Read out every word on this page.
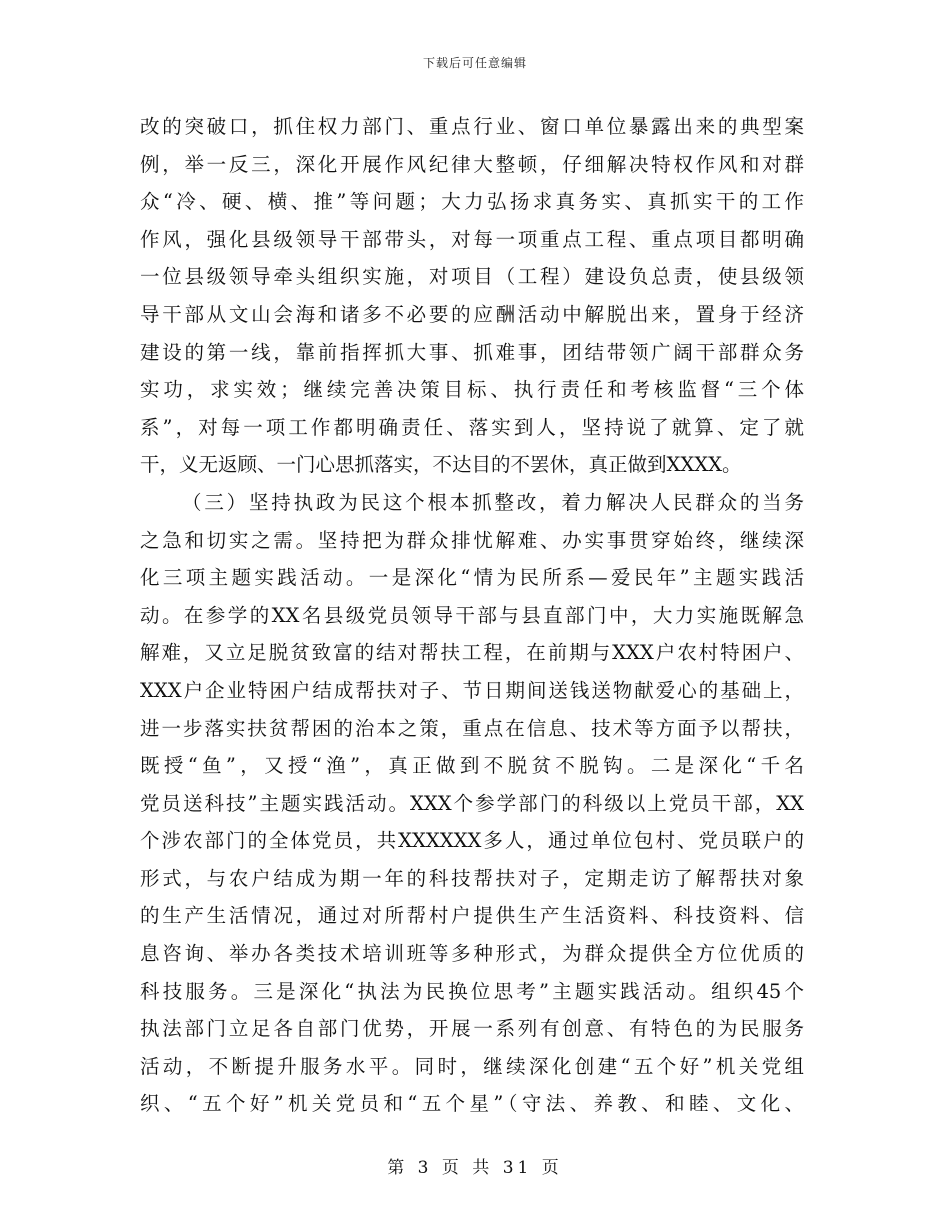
下载后可任意编辑
改的突破口，抓住权力部门、重点行业、窗口单位暴露出来的典型案
例，举一反三，深化开展作风纪律大整顿，仔细解决特权作风和对群
众“冷、硬、横、推”等问题；大力弘扬求真务实、真抓实干的工作
作风，强化县级领导干部带头，对每一项重点工程、重点项目都明确
一位县级领导牵头组织实施，对项目（工程）建设负总责，使县级领
导干部从文山会海和诸多不必要的应酬活动中解脱出来，置身于经济
建设的第一线，靠前指挥抓大事、抓难事，团结带领广阔干部群众务
实功，求实效；继续完善决策目标、执行责任和考核监督“三个体
系”，对每一项工作都明确责任、落实到人，坚持说了就算、定了就
干，义无返顾、一门心思抓落实，不达目的不罢休，真正做到XXXX。
（三）坚持执政为民这个根本抓整改，着力解决人民群众的当务
之急和切实之需。坚持把为群众排忧解难、办实事贯穿始终，继续深
化三项主题实践活动。一是深化“情为民所系—爱民年”主题实践活
动。在参学的XX名县级党员领导干部与县直部门中，大力实施既解急
解难，又立足脱贫致富的结对帮扶工程，在前期与XXX户农村特困户、
XXX户企业特困户结成帮扶对子、节日期间送钱送物献爱心的基础上，
进一步落实扶贫帮困的治本之策，重点在信息、技术等方面予以帮扶，
既授“鱼”，又授“渔”，真正做到不脱贫不脱钩。二是深化“千名
党员送科技”主题实践活动。XXX个参学部门的科级以上党员干部，XX
个涉农部门的全体党员，共XXXXXX多人，通过单位包村、党员联户的
形式，与农户结成为期一年的科技帮扶对子，定期走访了解帮扶对象
的生产生活情况，通过对所帮村户提供生产生活资料、科技资料、信
息咨询、举办各类技术培训班等多种形式，为群众提供全方位优质的
科技服务。三是深化“执法为民换位思考”主题实践活动。组织45个
执法部门立足各自部门优势，开展一系列有创意、有特色的为民服务
活动，不断提升服务水平。同时，继续深化创建“五个好”机关党组
织、“五个好”机关党员和“五个星”（守法、养教、和睦、文化、
第 3 页 共 31 页
